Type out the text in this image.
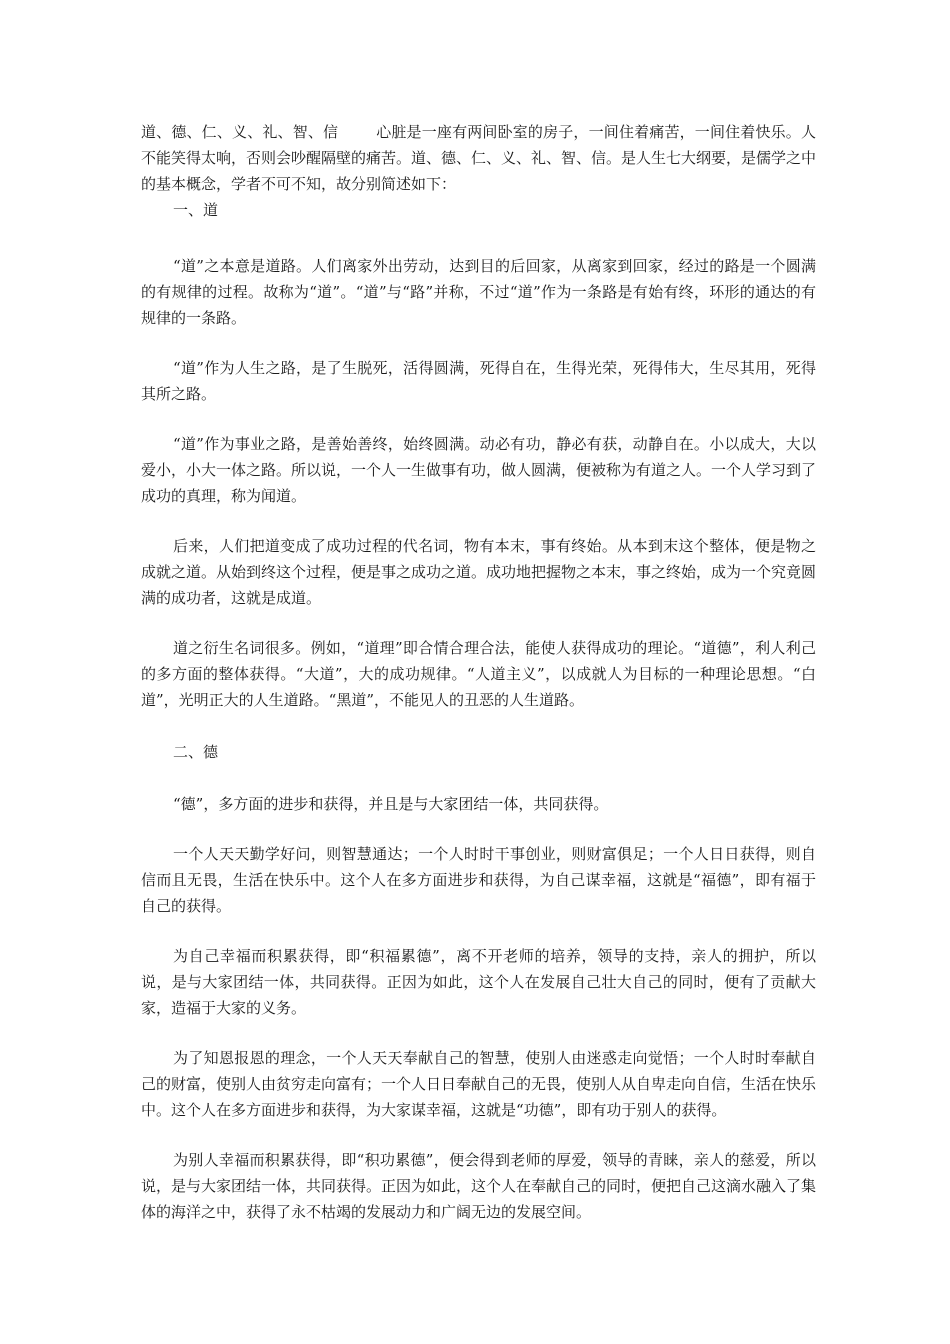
道、德、仁、义、礼、智、信	心脏是一座有两间卧室的房子，一间住着痛苦，一间住着快乐。人不能笑得太响，否则会吵醒隔壁的痛苦。道、德、仁、义、礼、智、信。是人生七大纲要，是儒学之中的基本概念，学者不可不知，故分别简述如下：

一、道

“道”之本意是道路。人们离家外出劳动，达到目的后回家，从离家到回家，经过的路是一个圆满的有规律的过程。故称为“道”。“道”与“路”并称，不过“道”作为一条路是有始有终，环形的通达的有规律的一条路。

“道”作为人生之路，是了生脱死，活得圆满，死得自在，生得光荣，死得伟大，生尽其用，死得其所之路。

“道”作为事业之路，是善始善终，始终圆满。动必有功，静必有获，动静自在。小以成大，大以爱小，小大一体之路。所以说，一个人一生做事有功，做人圆满，便被称为有道之人。一个人学习到了成功的真理，称为闻道。

后来，人们把道变成了成功过程的代名词，物有本末，事有终始。从本到末这个整体，便是物之成就之道。从始到终这个过程，便是事之成功之道。成功地把握物之本末，事之终始，成为一个究竟圆满的成功者，这就是成道。

道之衍生名词很多。例如，“道理”即合情合理合法，能使人获得成功的理论。“道德”，利人利己的多方面的整体获得。“大道”，大的成功规律。“人道主义”，以成就人为目标的一种理论思想。“白道”，光明正大的人生道路。“黑道”，不能见人的丑恶的人生道路。

二、德

“德”，多方面的进步和获得，并且是与大家团结一体，共同获得。

一个人天天勤学好问，则智慧通达；一个人时时干事创业，则财富俱足；一个人日日获得，则自信而且无畏，生活在快乐中。这个人在多方面进步和获得，为自己谋幸福，这就是“福德”，即有福于自己的获得。

为自己幸福而积累获得，即“积福累德”，离不开老师的培养，领导的支持，亲人的拥护，所以说，是与大家团结一体，共同获得。正因为如此，这个人在发展自己壮大自己的同时，便有了贡献大家，造福于大家的义务。

为了知恩报恩的理念，一个人天天奉献自己的智慧，使别人由迷惑走向觉悟；一个人时时奉献自己的财富，使别人由贫穷走向富有；一个人日日奉献自己的无畏，使别人从自卑走向自信，生活在快乐中。这个人在多方面进步和获得，为大家谋幸福，这就是“功德”，即有功于别人的获得。

为别人幸福而积累获得，即“积功累德”，便会得到老师的厚爱，领导的青睐，亲人的慈爱，所以说，是与大家团结一体，共同获得。正因为如此，这个人在奉献自己的同时，便把自己这滴水融入了集体的海洋之中，获得了永不枯竭的发展动力和广阔无边的发展空间。
